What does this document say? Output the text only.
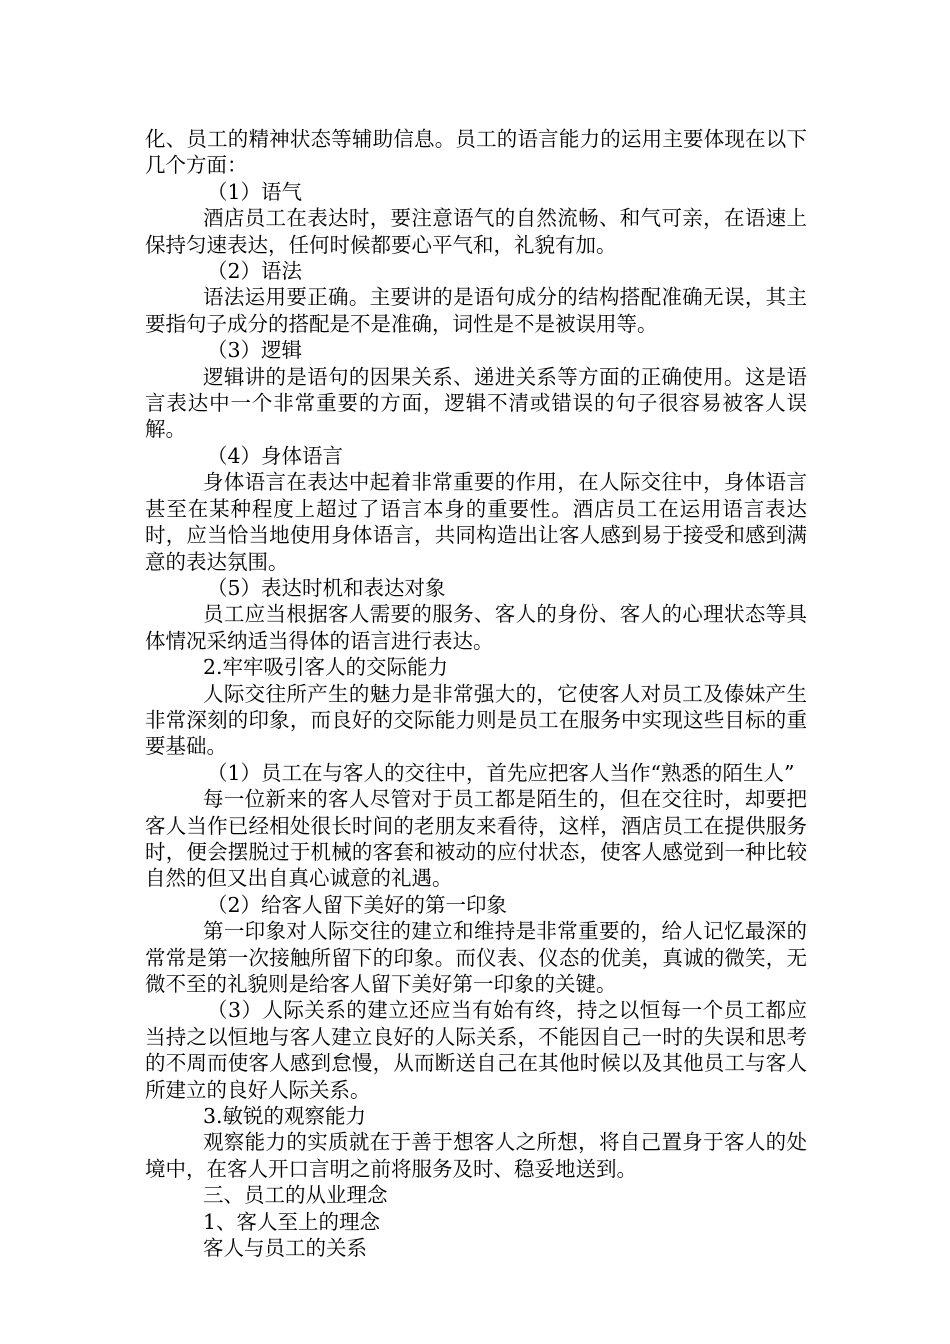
化、员工的精神状态等辅助信息。员工的语言能力的运用主要体现在以下几个方面：

（1）语气

酒店员工在表达时，要注意语气的自然流畅、和气可亲，在语速上保持匀速表达，任何时候都要心平气和，礼貌有加。

（2）语法

语法运用要正确。主要讲的是语句成分的结构搭配准确无误，其主要指句子成分的搭配是不是准确，词性是不是被误用等。

（3）逻辑

逻辑讲的是语句的因果关系、递进关系等方面的正确使用。这是语言表达中一个非常重要的方面，逻辑不清或错误的句子很容易被客人误解。

（4）身体语言

身体语言在表达中起着非常重要的作用，在人际交往中，身体语言甚至在某种程度上超过了语言本身的重要性。酒店员工在运用语言表达时，应当恰当地使用身体语言，共同构造出让客人感到易于接受和感到满意的表达氛围。

（5）表达时机和表达对象

员工应当根据客人需要的服务、客人的身份、客人的心理状态等具体情况采纳适当得体的语言进行表达。

2.牢牢吸引客人的交际能力

人际交往所产生的魅力是非常强大的，它使客人对员工及傣妹产生非常深刻的印象，而良好的交际能力则是员工在服务中实现这些目标的重要基础。

（1）员工在与客人的交往中，首先应把客人当作“熟悉的陌生人”

每一位新来的客人尽管对于员工都是陌生的，但在交往时，却要把客人当作已经相处很长时间的老朋友来看待，这样，酒店员工在提供服务时，便会摆脱过于机械的客套和被动的应付状态，使客人感觉到一种比较自然的但又出自真心诚意的礼遇。

（2）给客人留下美好的第一印象

第一印象对人际交往的建立和维持是非常重要的，给人记忆最深的常常是第一次接触所留下的印象。而仪表、仪态的优美，真诚的微笑，无微不至的礼貌则是给客人留下美好第一印象的关键。

（3）人际关系的建立还应当有始有终，持之以恒每一个员工都应当持之以恒地与客人建立良好的人际关系，不能因自己一时的失误和思考的不周而使客人感到怠慢，从而断送自己在其他时候以及其他员工与客人所建立的良好人际关系。

3.敏锐的观察能力

观察能力的实质就在于善于想客人之所想，将自己置身于客人的处境中，在客人开口言明之前将服务及时、稳妥地送到。

三、员工的从业理念

1、客人至上的理念

客人与员工的关系
